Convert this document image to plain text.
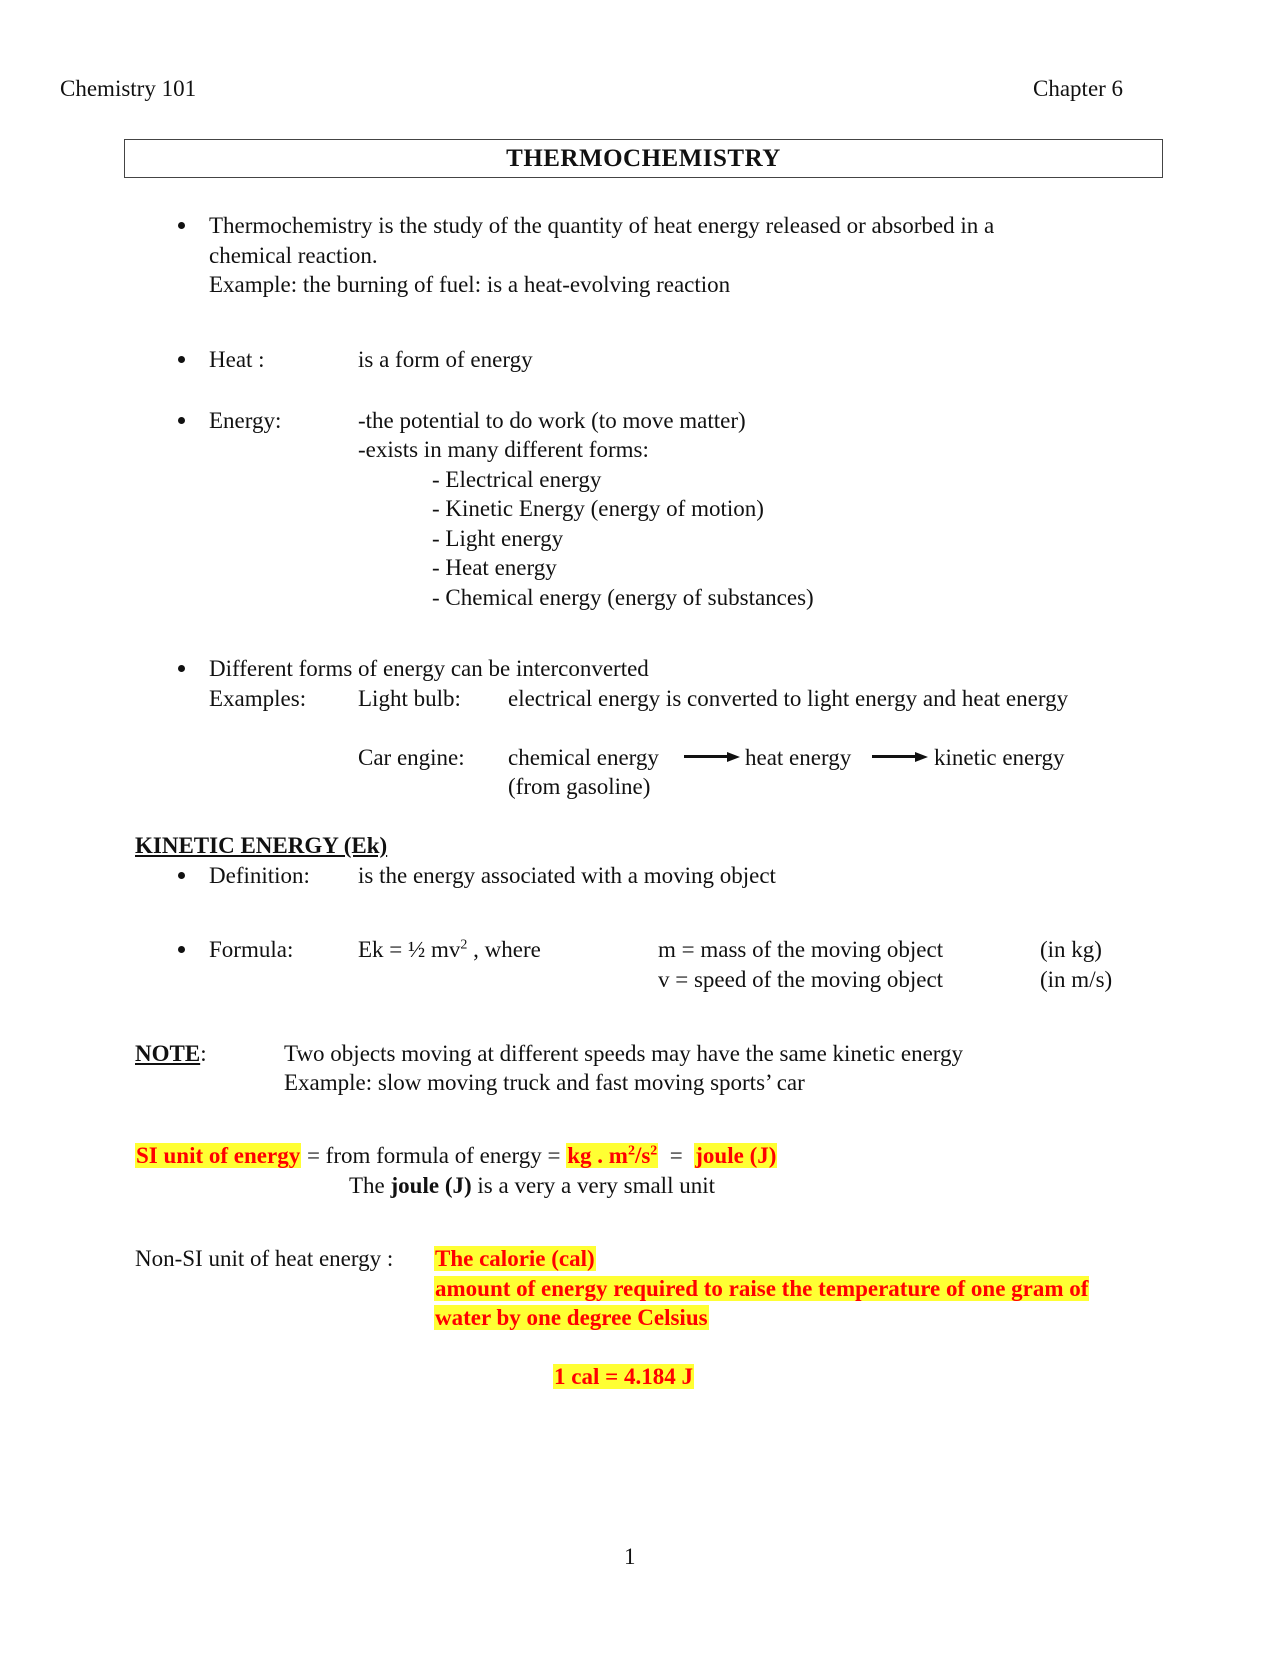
Chemistry 101	Chapter 6
THERMOCHEMISTRY
Thermochemistry is the study of the quantity of heat energy released or absorbed in a
chemical reaction.
Example: the burning of fuel: is a heat-evolving reaction
Heat :	is a form of energy
Energy:	-the potential to do work (to move matter)
-exists in many different forms:
- Electrical energy
- Kinetic Energy (energy of motion)
- Light energy
- Heat energy
- Chemical energy (energy of substances)
Different forms of energy can be interconverted
Examples: Light bulb: electrical energy is converted to light energy and heat energy
Car engine: chemical energy	heat energy	kinetic energy
(from gasoline)
KINETIC ENERGY (Ek)
Definition: is the energy associated with a moving object
Formula:	Ek = ½ $mv^2$ , where	m = mass of the moving object	(in kg)
v = speed of the moving object	(in m/s)
NOTE:	Two objects moving at different speeds may have the same kinetic energy
Example: slow moving truck and fast moving sports’ car
SI unit of energy = from formula of energy = kg . $m^2/s^2$  =  joule (J)
The joule (J) is a very a very small unit
Non-SI unit of heat energy : The calorie (cal)
amount of energy required to raise the temperature of one gram of
water by one degree Celsius
1 cal = 4.184 J
1
